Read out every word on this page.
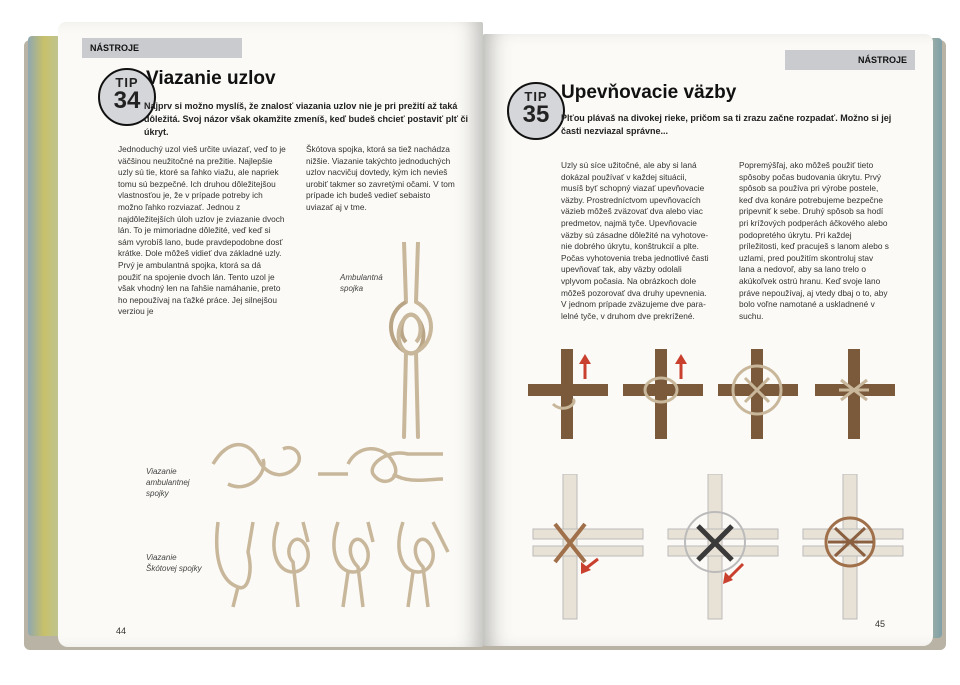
NÁSTROJE
TIP
34
Viazanie uzlov
Najprv si možno myslíš, že znalosť viazania uzlov nie je pri prežití až taká dôležitá. Svoj názor však okamžite zmeníš, keď budeš chcieť postaviť plť či úkryt.
Jednoduchý uzol vieš určite uviazať, veď to je väčšinou neužitočné na prežitie. Najlepšie uzly sú tie, ktoré sa ľahko viažu, ale napriek tomu sú bezpečné. Ich druhou dôležitejšou vlastnosťou je, že v prípade potreby ich možno ľahko rozviazať. Jednou z najdôležitejších úloh uzlov je zviazanie dvoch lán. To je mimoriadne dôležité, veď keď si sám vyrobíš lano, bude pravdepodobne dosť krátke. Dole môžeš vidieť dva základné uzly. Prvý je ambulantná spojka, ktorá sa dá použiť na spojenie dvoch lán. Tento uzol je však vhodný len na ľahšie namáhanie, preto ho nepoužívaj na ťažké práce. Jej silnejšou verziou je
Škótova spojka, ktorá sa tiež nachádza nižšie. Viazanie takýchto jednoduchých uzlov nacvičuj dovtedy, kým ich nevieš urobiť takmer so zavretými očami. V tom prípade ich budeš vedieť sebaisto uviazať aj v tme.
Ambulantná spojka
Viazanie ambulantnej spojky
Viazanie Škótovej spojky
44
NÁSTROJE
TIP
35
Upevňovacie väzby
Plťou plávaš na divokej rieke, pričom sa ti zrazu začne rozpadať. Možno si jej časti nezviazal správne...
Uzly sú síce užitočné, ale aby si laná dokázal používať v každej situácii, musíš byť schopný viazať upevňovacie väzby. Prostredníctvom upevňovacích väzieb môžeš zväzovať dva alebo viac predmetov, najmä tyče. Upevňovacie väzby sú zásadne dôležité na vyhotovenie dobrého úkrytu, konštrukcií a plte. Počas vyhotovenia treba jednotlivé časti upevňovať tak, aby väzby odolali vplyvom počasia. Na obrázkoch dole môžeš pozorovať dva druhy upevnenia. V jednom prípade zväzujeme dve paralelné tyče, v druhom dve prekrížené.
Popremýšľaj, ako môžeš použiť tieto spôsoby počas budovania úkrytu. Prvý spôsob sa používa pri výrobe postele, keď dva konáre potrebujeme bezpečne pripevniť k sebe. Druhý spôsob sa hodí pri krížových podperách áčkového alebo podopretého úkrytu. Pri každej príležitosti, keď pracuješ s lanom alebo s uzlami, pred použitím skontroluj stav lana a nedovoľ, aby sa lano trelo o akúkoľvek ostrú hranu. Keď svoje lano práve nepoužívaj, aj vtedy dbaj o to, aby bolo voľne namotané a uskladnené v suchu.
45
